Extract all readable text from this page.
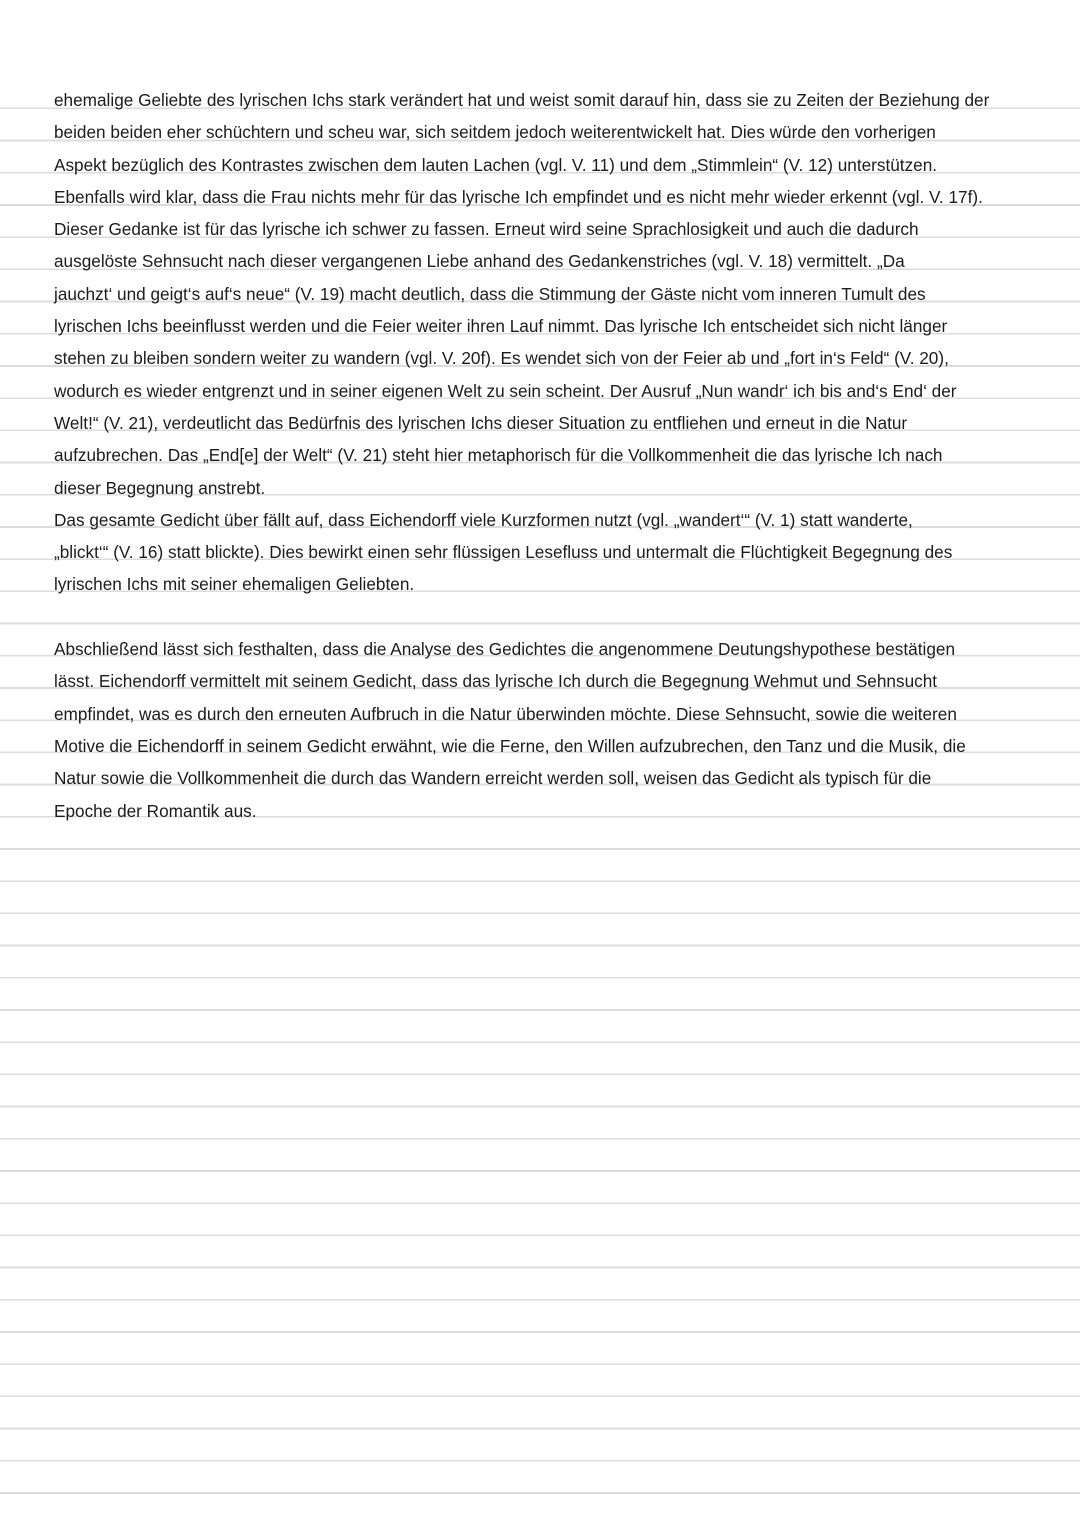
ehemalige Geliebte des lyrischen Ichs stark verändert hat und weist somit darauf hin, dass sie zu Zeiten der Beziehung der
beiden beiden eher schüchtern und scheu war, sich seitdem jedoch weiterentwickelt hat. Dies würde den vorherigen
Aspekt bezüglich des Kontrastes zwischen dem lauten Lachen (vgl. V. 11) und dem „Stimmlein“ (V. 12) unterstützen.
Ebenfalls wird klar, dass die Frau nichts mehr für das lyrische Ich empfindet und es nicht mehr wieder erkennt (vgl. V. 17f).
Dieser Gedanke ist für das lyrische ich schwer zu fassen. Erneut wird seine Sprachlosigkeit und auch die dadurch
ausgelöste Sehnsucht nach dieser vergangenen Liebe anhand des Gedankenstriches (vgl. V. 18) vermittelt. „Da
jauchzt‘ und geigt‘s auf‘s neue“ (V. 19) macht deutlich, dass die Stimmung der Gäste nicht vom inneren Tumult des
lyrischen Ichs beeinflusst werden und die Feier weiter ihren Lauf nimmt. Das lyrische Ich entscheidet sich nicht länger
stehen zu bleiben sondern weiter zu wandern (vgl. V. 20f). Es wendet sich von der Feier ab und „fort in‘s Feld“ (V. 20),
wodurch es wieder entgrenzt und in seiner eigenen Welt zu sein scheint. Der Ausruf „Nun wandr‘ ich bis and‘s End‘ der
Welt!“ (V. 21), verdeutlicht das Bedürfnis des lyrischen Ichs dieser Situation zu entfliehen und erneut in die Natur
aufzubrechen. Das „End[e] der Welt“ (V. 21) steht hier metaphorisch für die Vollkommenheit die das lyrische Ich nach
dieser Begegnung anstrebt.
Das gesamte Gedicht über fällt auf, dass Eichendorff viele Kurzformen nutzt (vgl. „wandert‘“ (V. 1) statt wanderte,
„blickt‘“ (V. 16) statt blickte). Dies bewirkt einen sehr flüssigen Lesefluss und untermalt die Flüchtigkeit Begegnung des
lyrischen Ichs mit seiner ehemaligen Geliebten.
Abschließend lässt sich festhalten, dass die Analyse des Gedichtes die angenommene Deutungshypothese bestätigen
lässt. Eichendorff vermittelt mit seinem Gedicht, dass das lyrische Ich durch die Begegnung Wehmut und Sehnsucht
empfindet, was es durch den erneuten Aufbruch in die Natur überwinden möchte. Diese Sehnsucht, sowie die weiteren
Motive die Eichendorff in seinem Gedicht erwähnt, wie die Ferne, den Willen aufzubrechen, den Tanz und die Musik, die
Natur sowie die Vollkommenheit die durch das Wandern erreicht werden soll, weisen das Gedicht als typisch für die
Epoche der Romantik aus.
